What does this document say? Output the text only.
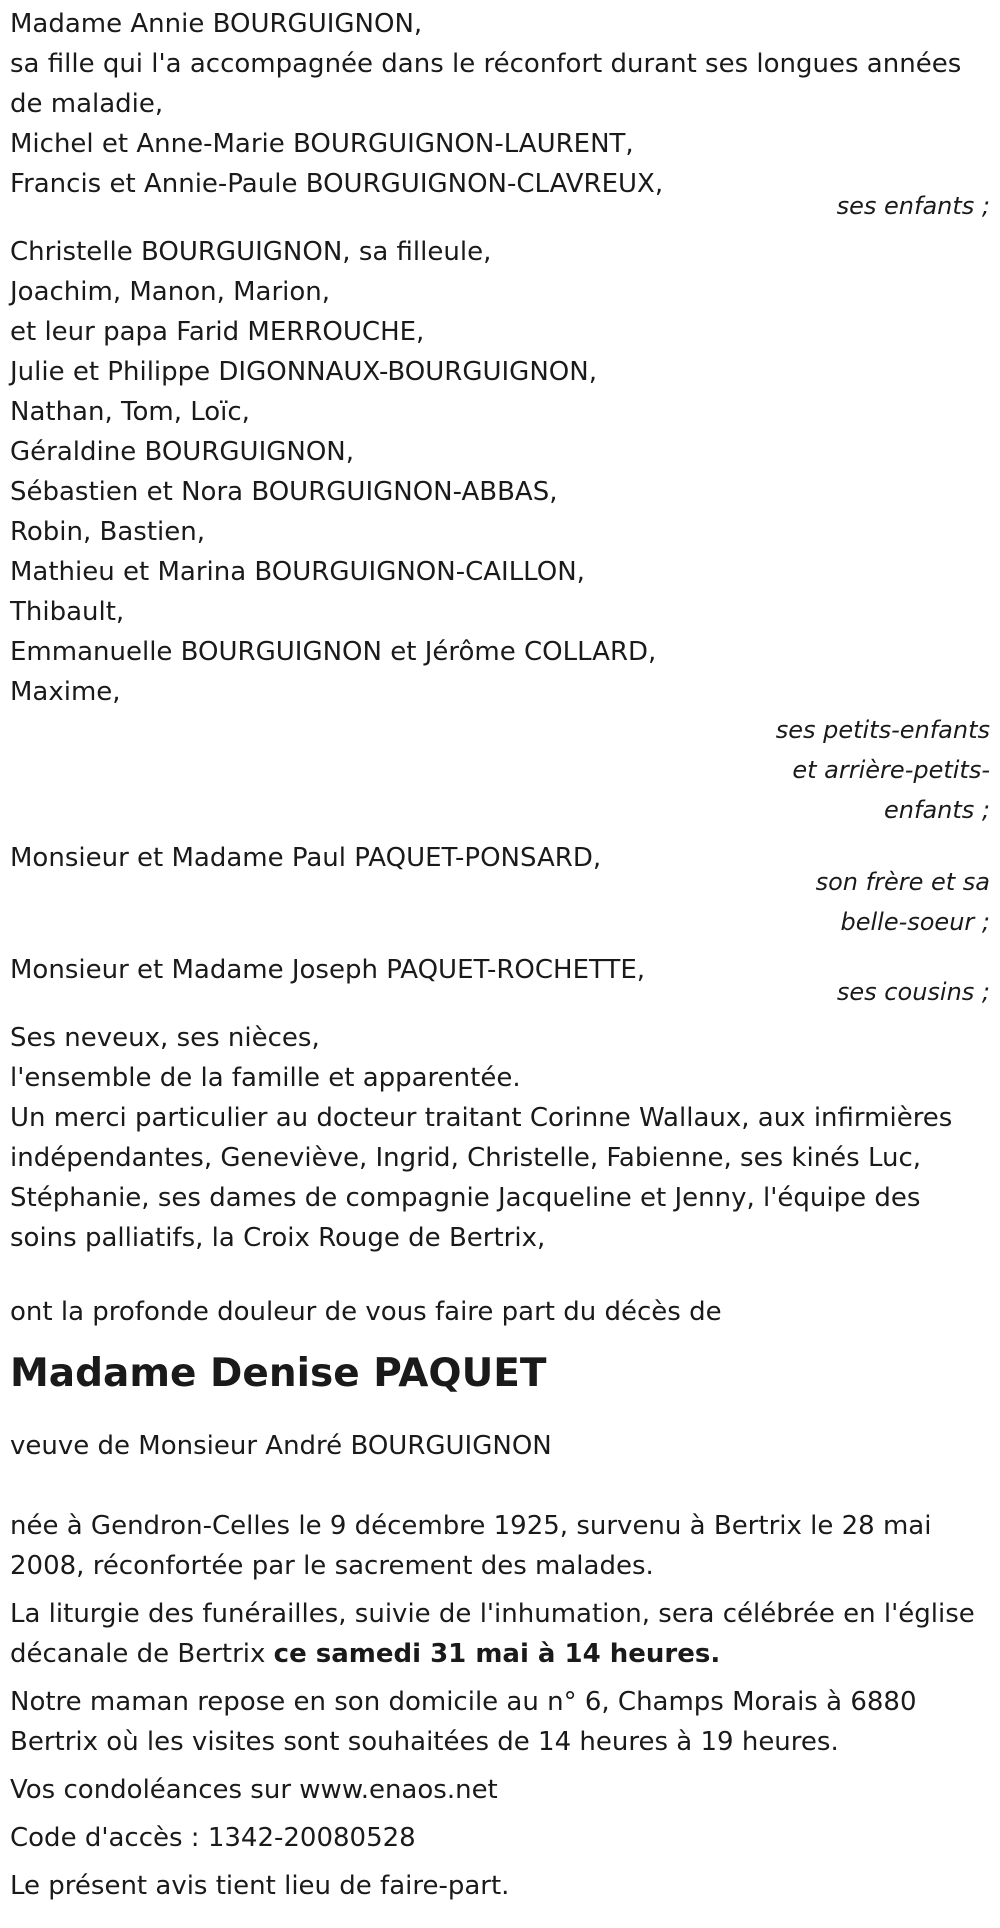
Madame Annie BOURGUIGNON,
sa fille qui l'a accompagnée dans le réconfort durant ses longues années de maladie,
Michel et Anne-Marie BOURGUIGNON-LAURENT,
Francis et Annie-Paule BOURGUIGNON-CLAVREUX,
ses enfants ;
Christelle BOURGUIGNON, sa filleule,
Joachim, Manon, Marion,
et leur papa Farid MERROUCHE,
Julie et Philippe DIGONNAUX-BOURGUIGNON,
Nathan, Tom, Loïc,
Géraldine BOURGUIGNON,
Sébastien et Nora BOURGUIGNON-ABBAS,
Robin, Bastien,
Mathieu et Marina BOURGUIGNON-CAILLON,
Thibault,
Emmanuelle BOURGUIGNON et Jérôme COLLARD,
Maxime,
ses petits-enfants
et arrière-petits-
enfants ;
Monsieur et Madame Paul PAQUET-PONSARD,
son frère et sa
belle-soeur ;
Monsieur et Madame Joseph PAQUET-ROCHETTE,
ses cousins ;
Ses neveux, ses nièces,
l'ensemble de la famille et apparentée.
Un merci particulier au docteur traitant Corinne Wallaux, aux infirmières indépendantes, Geneviève, Ingrid, Christelle, Fabienne, ses kinés Luc, Stéphanie, ses dames de compagnie Jacqueline et Jenny, l'équipe des soins palliatifs, la Croix Rouge de Bertrix,
ont la profonde douleur de vous faire part du décès de
Madame Denise PAQUET
veuve de Monsieur André BOURGUIGNON

née à Gendron-Celles le 9 décembre 1925, survenu à Bertrix le 28 mai 2008, réconfortée par le sacrement des malades.

La liturgie des funérailles, suivie de l'inhumation, sera célébrée en l'église décanale de Bertrix ce samedi 31 mai à 14 heures.

Notre maman repose en son domicile au n° 6, Champs Morais à 6880 Bertrix où les visites sont souhaitées de 14 heures à 19 heures.

Vos condoléances sur www.enaos.net

Code d'accès : 1342-20080528

Le présent avis tient lieu de faire-part.
